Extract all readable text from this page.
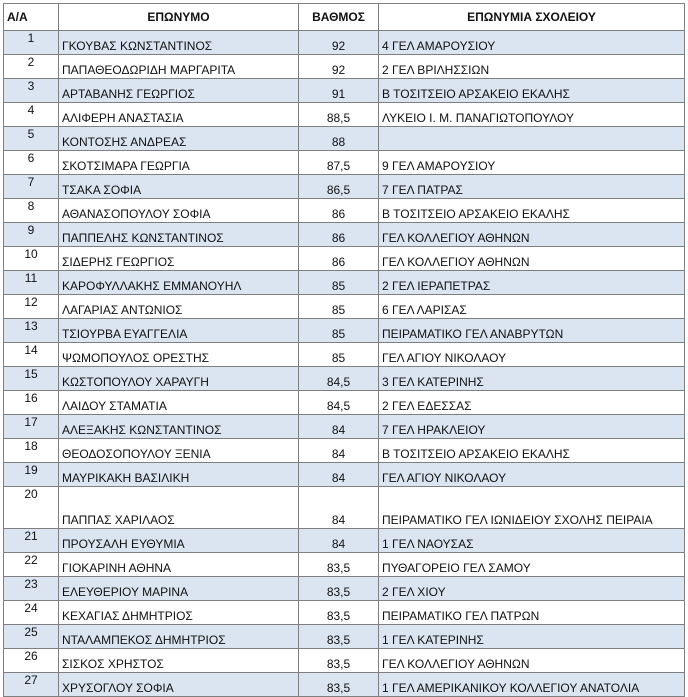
Α/Α	ΕΠΩΝΥΜΟ	ΒΑΘΜΟΣ	ΕΠΩΝΥΜΙΑ ΣΧΟΛΕΙΟΥ
1	ΓΚΟΥΒΑΣ ΚΩΝΣΤΑΝΤΙΝΟΣ	92	4 ΓΕΛ ΑΜΑΡΟΥΣΙΟΥ
2	ΠΑΠΑΘΕΟΔΩΡΙΔΗ ΜΑΡΓΑΡΙΤΑ	92	2 ΓΕΛ ΒΡΙΛΗΣΣΙΩΝ
3	ΑΡΤΑΒΑΝΗΣ ΓΕΩΡΓΙΟΣ	91	Β ΤΟΣΙΤΣΕΙΟ ΑΡΣΑΚΕΙΟ ΕΚΑΛΗΣ
4	ΑΛΙΦΕΡΗ ΑΝΑΣΤΑΣΙΑ	88,5	ΛΥΚΕΙΟ Ι. Μ. ΠΑΝΑΓΙΩΤΟΠΟΥΛΟΥ
5	ΚΟΝΤΟΣΗΣ ΑΝΔΡΕΑΣ	88	
6	ΣΚΟΤΣΙΜΑΡΑ ΓΕΩΡΓΙΑ	87,5	9 ΓΕΛ ΑΜΑΡΟΥΣΙΟΥ
7	ΤΣΑΚΑ ΣΟΦΙΑ	86,5	7 ΓΕΛ ΠΑΤΡΑΣ
8	ΑΘΑΝΑΣΟΠΟΥΛΟΥ ΣΟΦΙΑ	86	Β ΤΟΣΙΤΣΕΙΟ ΑΡΣΑΚΕΙΟ ΕΚΑΛΗΣ
9	ΠΑΠΠΕΛΗΣ ΚΩΝΣΤΑΝΤΙΝΟΣ	86	ΓΕΛ ΚΟΛΛΕΓΙΟΥ ΑΘΗΝΩΝ
10	ΣΙΔΕΡΗΣ ΓΕΩΡΓΙΟΣ	86	ΓΕΛ ΚΟΛΛΕΓΙΟΥ ΑΘΗΝΩΝ
11	ΚΑΡΟΦΥΛΛΑΚΗΣ ΕΜΜΑΝΟΥΗΛ	85	2 ΓΕΛ ΙΕΡΑΠΕΤΡΑΣ
12	ΛΑΓΑΡΙΑΣ ΑΝΤΩΝΙΟΣ	85	6 ΓΕΛ ΛΑΡΙΣΑΣ
13	ΤΣΙΟΥΡΒΑ ΕΥΑΓΓΕΛΙΑ	85	ΠΕΙΡΑΜΑΤΙΚΟ ΓΕΛ ΑΝΑΒΡΥΤΩΝ
14	ΨΩΜΟΠΟΥΛΟΣ ΟΡΕΣΤΗΣ	85	ΓΕΛ ΑΓΙΟΥ ΝΙΚΟΛΑΟΥ
15	ΚΩΣΤΟΠΟΥΛΟΥ ΧΑΡΑΥΓΗ	84,5	3 ΓΕΛ ΚΑΤΕΡΙΝΗΣ
16	ΛΑΙΔΟΥ ΣΤΑΜΑΤΙΑ	84,5	2 ΓΕΛ ΕΔΕΣΣΑΣ
17	ΑΛΕΞΑΚΗΣ ΚΩΝΣΤΑΝΤΙΝΟΣ	84	7 ΓΕΛ ΗΡΑΚΛΕΙΟΥ
18	ΘΕΟΔΟΣΟΠΟΥΛΟΥ ΞΕΝΙΑ	84	Β ΤΟΣΙΤΣΕΙΟ ΑΡΣΑΚΕΙΟ ΕΚΑΛΗΣ
19	ΜΑΥΡΙΚΑΚΗ ΒΑΣΙΛΙΚΗ	84	ΓΕΛ ΑΓΙΟΥ ΝΙΚΟΛΑΟΥ
20	ΠΑΠΠΑΣ ΧΑΡΙΛΑΟΣ	84	ΠΕΙΡΑΜΑΤΙΚΟ ΓΕΛ ΙΩΝΙΔΕΙΟΥ ΣΧΟΛΗΣ ΠΕΙΡΑΙΑ
21	ΠΡΟΥΣΑΛΗ ΕΥΘΥΜΙΑ	84	1 ΓΕΛ ΝΑΟΥΣΑΣ
22	ΓΙΟΚΑΡΙΝΗ ΑΘΗΝΑ	83,5	ΠΥΘΑΓΟΡΕΙΟ ΓΕΛ ΣΑΜΟΥ
23	ΕΛΕΥΘΕΡΙΟΥ ΜΑΡΙΝΑ	83,5	2 ΓΕΛ ΧΙΟΥ
24	ΚΕΧΑΓΙΑΣ ΔΗΜΗΤΡΙΟΣ	83,5	ΠΕΙΡΑΜΑΤΙΚΟ ΓΕΛ ΠΑΤΡΩΝ
25	ΝΤΑΛΑΜΠΕΚΟΣ ΔΗΜΗΤΡΙΟΣ	83,5	1 ΓΕΛ ΚΑΤΕΡΙΝΗΣ
26	ΣΙΣΚΟΣ ΧΡΗΣΤΟΣ	83,5	ΓΕΛ ΚΟΛΛΕΓΙΟΥ ΑΘΗΝΩΝ
27	ΧΡΥΣΟΓΛΟΥ ΣΟΦΙΑ	83,5	1 ΓΕΛ ΑΜΕΡΙΚΑΝΙΚΟΥ ΚΟΛΛΕΓΙΟΥ ΑΝΑΤΟΛΙΑ
